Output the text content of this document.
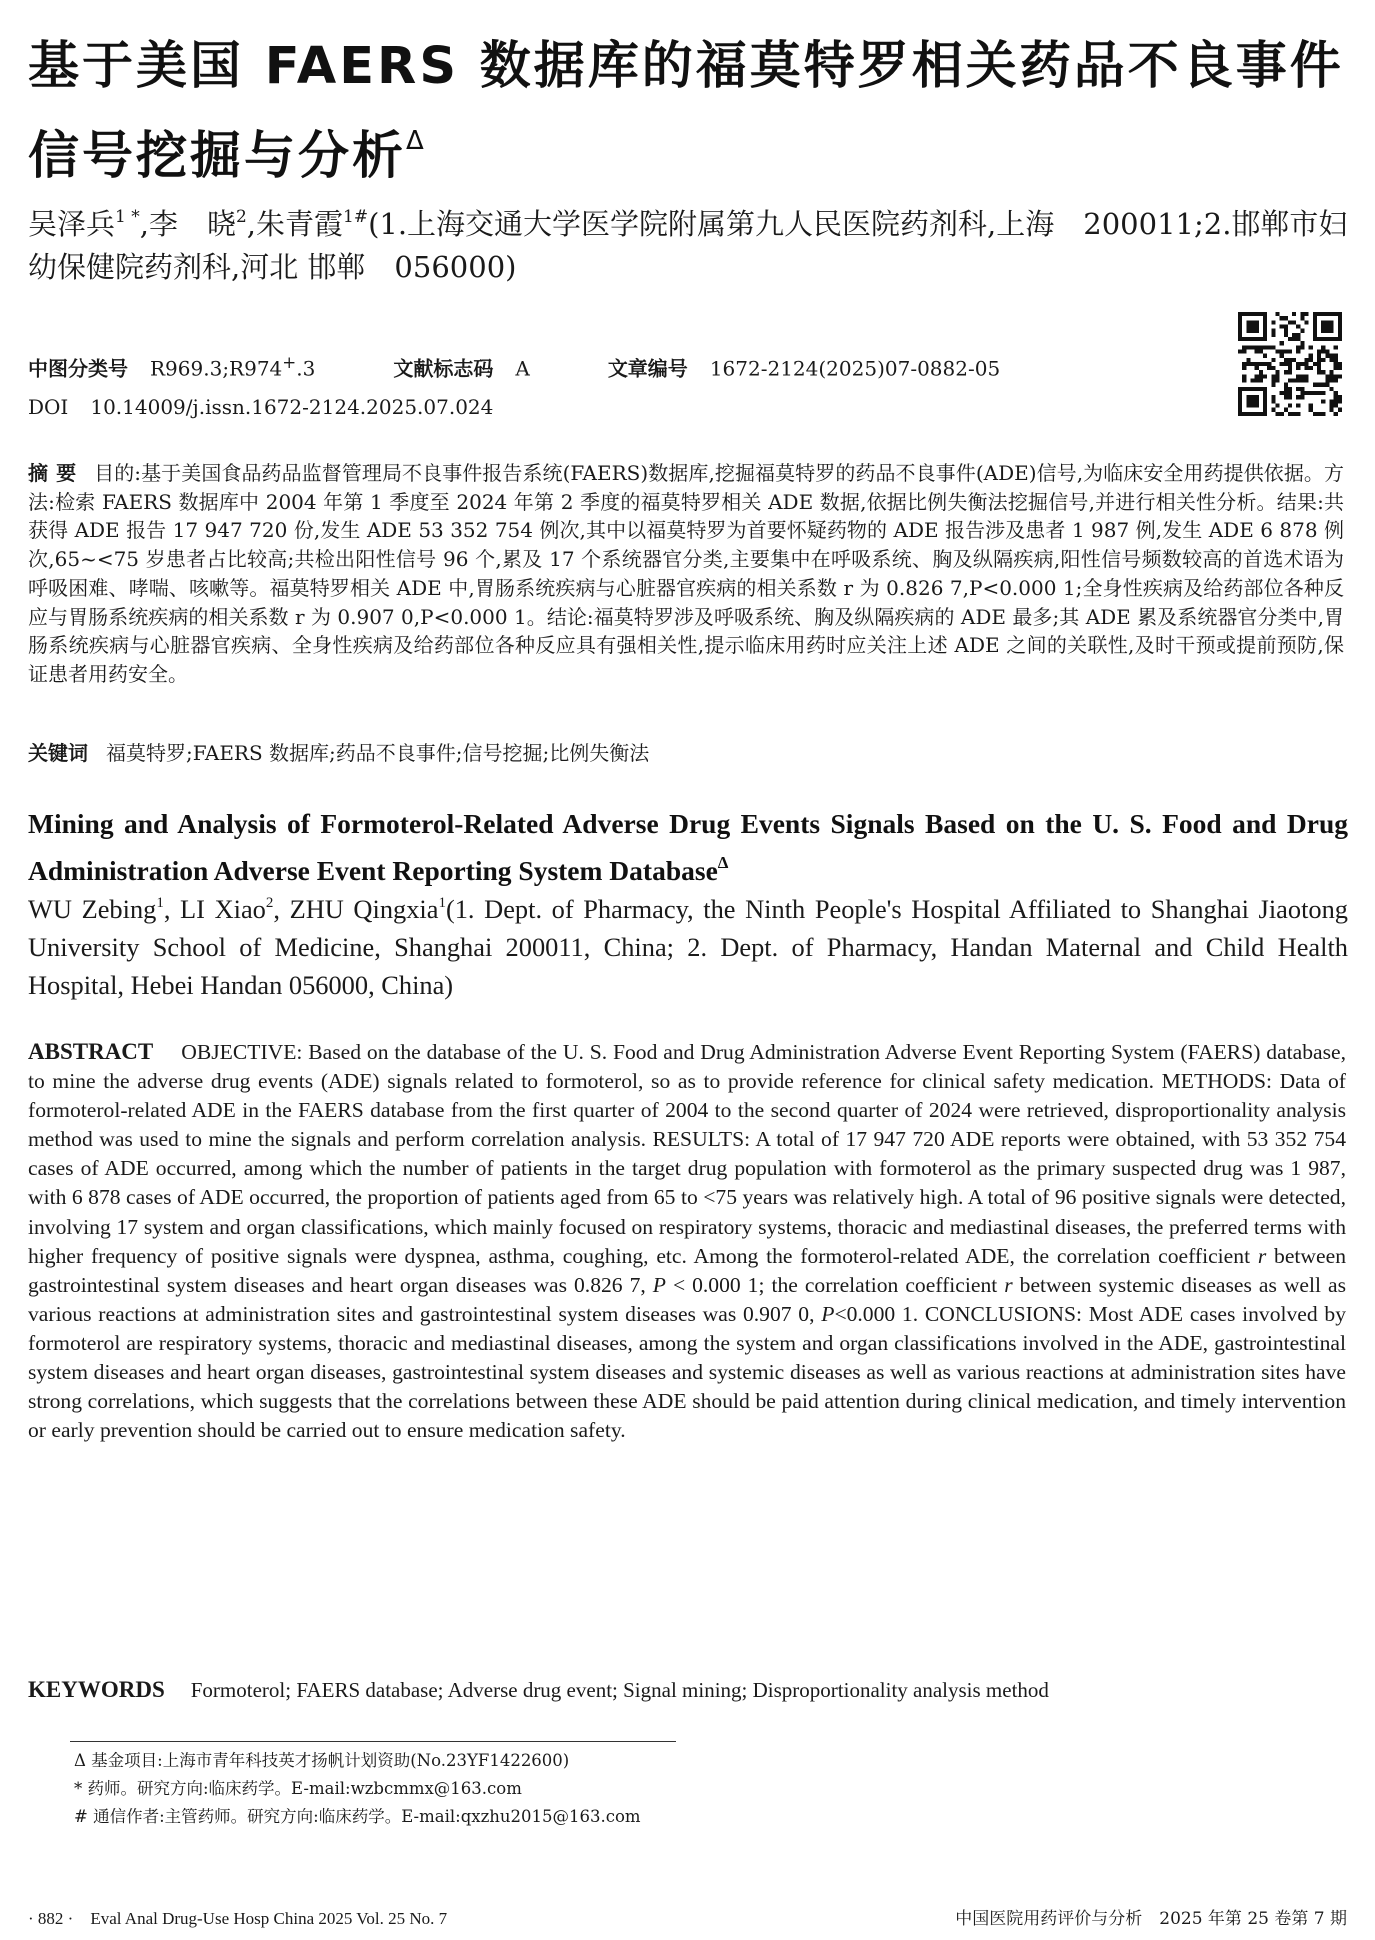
基于美国 FAERS 数据库的福莫特罗相关药品不良事件信号挖掘与分析$^\Delta$
吴泽兵$^{1 *}$,李　晓$^2$,朱青霞$^{1\#}$(1.上海交通大学医学院附属第九人民医院药剂科,上海　200011;2.邯郸市妇幼保健院药剂科,河北 邯郸　056000)
中图分类号 R969.3;R974+.3	文献标志码 A	文章编号 1672-2124(2025)07-0882-05
DOI 10.14009/j.issn.1672-2124.2025.07.024
摘要 目的:基于美国食品药品监督管理局不良事件报告系统(FAERS)数据库,挖掘福莫特罗的药品不良事件(ADE)信号,为临床安全用药提供依据。方法:检索 FAERS 数据库中 2004 年第 1 季度至 2024 年第 2 季度的福莫特罗相关 ADE 数据,依据比例失衡法挖掘信号,并进行相关性分析。结果:共获得 ADE 报告 17 947 720 份,发生 ADE 53 352 754 例次,其中以福莫特罗为首要怀疑药物的 ADE 报告涉及患者 1 987 例,发生 ADE 6 878 例次,65~<75 岁患者占比较高;共检出阳性信号 96 个,累及 17 个系统器官分类,主要集中在呼吸系统、胸及纵隔疾病,阳性信号频数较高的首选术语为呼吸困难、哮喘、咳嗽等。福莫特罗相关 ADE 中,胃肠系统疾病与心脏器官疾病的相关系数 r 为 0.826 7,P<0.000 1;全身性疾病及给药部位各种反应与胃肠系统疾病的相关系数 r 为 0.907 0,P<0.000 1。结论:福莫特罗涉及呼吸系统、胸及纵隔疾病的 ADE 最多;其 ADE 累及系统器官分类中,胃肠系统疾病与心脏器官疾病、全身性疾病及给药部位各种反应具有强相关性,提示临床用药时应关注上述 ADE 之间的关联性,及时干预或提前预防,保证患者用药安全。
关键词 福莫特罗;FAERS 数据库;药品不良事件;信号挖掘;比例失衡法
Mining and Analysis of Formoterol-Related Adverse Drug Events Signals Based on the U. S. Food and Drug Administration Adverse Event Reporting System Database$^\Delta$
WU Zebing$^1$, LI Xiao$^2$, ZHU Qingxia$^1$(1. Dept. of Pharmacy, the Ninth People's Hospital Affiliated to Shanghai Jiaotong University School of Medicine, Shanghai 200011, China; 2. Dept. of Pharmacy, Handan Maternal and Child Health Hospital, Hebei Handan 056000, China)
ABSTRACT OBJECTIVE: Based on the database of the U. S. Food and Drug Administration Adverse Event Reporting System (FAERS) database, to mine the adverse drug events (ADE) signals related to formoterol, so as to provide reference for clinical safety medication. METHODS: Data of formoterol-related ADE in the FAERS database from the first quarter of 2004 to the second quarter of 2024 were retrieved, disproportionality analysis method was used to mine the signals and perform correlation analysis. RESULTS: A total of 17 947 720 ADE reports were obtained, with 53 352 754 cases of ADE occurred, among which the number of patients in the target drug population with formoterol as the primary suspected drug was 1 987, with 6 878 cases of ADE occurred, the proportion of patients aged from 65 to <75 years was relatively high. A total of 96 positive signals were detected, involving 17 system and organ classifications, which mainly focused on respiratory systems, thoracic and mediastinal diseases, the preferred terms with higher frequency of positive signals were dyspnea, asthma, coughing, etc. Among the formoterol-related ADE, the correlation coefficient r between gastrointestinal system diseases and heart organ diseases was 0.826 7, P < 0.000 1; the correlation coefficient r between systemic diseases as well as various reactions at administration sites and gastrointestinal system diseases was 0.907 0, P<0.000 1. CONCLUSIONS: Most ADE cases involved by formoterol are respiratory systems, thoracic and mediastinal diseases, among the system and organ classifications involved in the ADE, gastrointestinal system diseases and heart organ diseases, gastrointestinal system diseases and systemic diseases as well as various reactions at administration sites have strong correlations, which suggests that the correlations between these ADE should be paid attention during clinical medication, and timely intervention or early prevention should be carried out to ensure medication safety.
KEYWORDS Formoterol; FAERS database; Adverse drug event; Signal mining; Disproportionality analysis method
Δ 基金项目:上海市青年科技英才扬帆计划资助(No.23YF1422600)
* 药师。研究方向:临床药学。E-mail:wzbcmmx@163.com
# 通信作者:主管药师。研究方向:临床药学。E-mail:qxzhu2015@163.com
· 882 ·　Eval Anal Drug-Use Hosp China 2025 Vol. 25 No. 7	中国医院用药评价与分析　2025 年第 25 卷第 7 期
